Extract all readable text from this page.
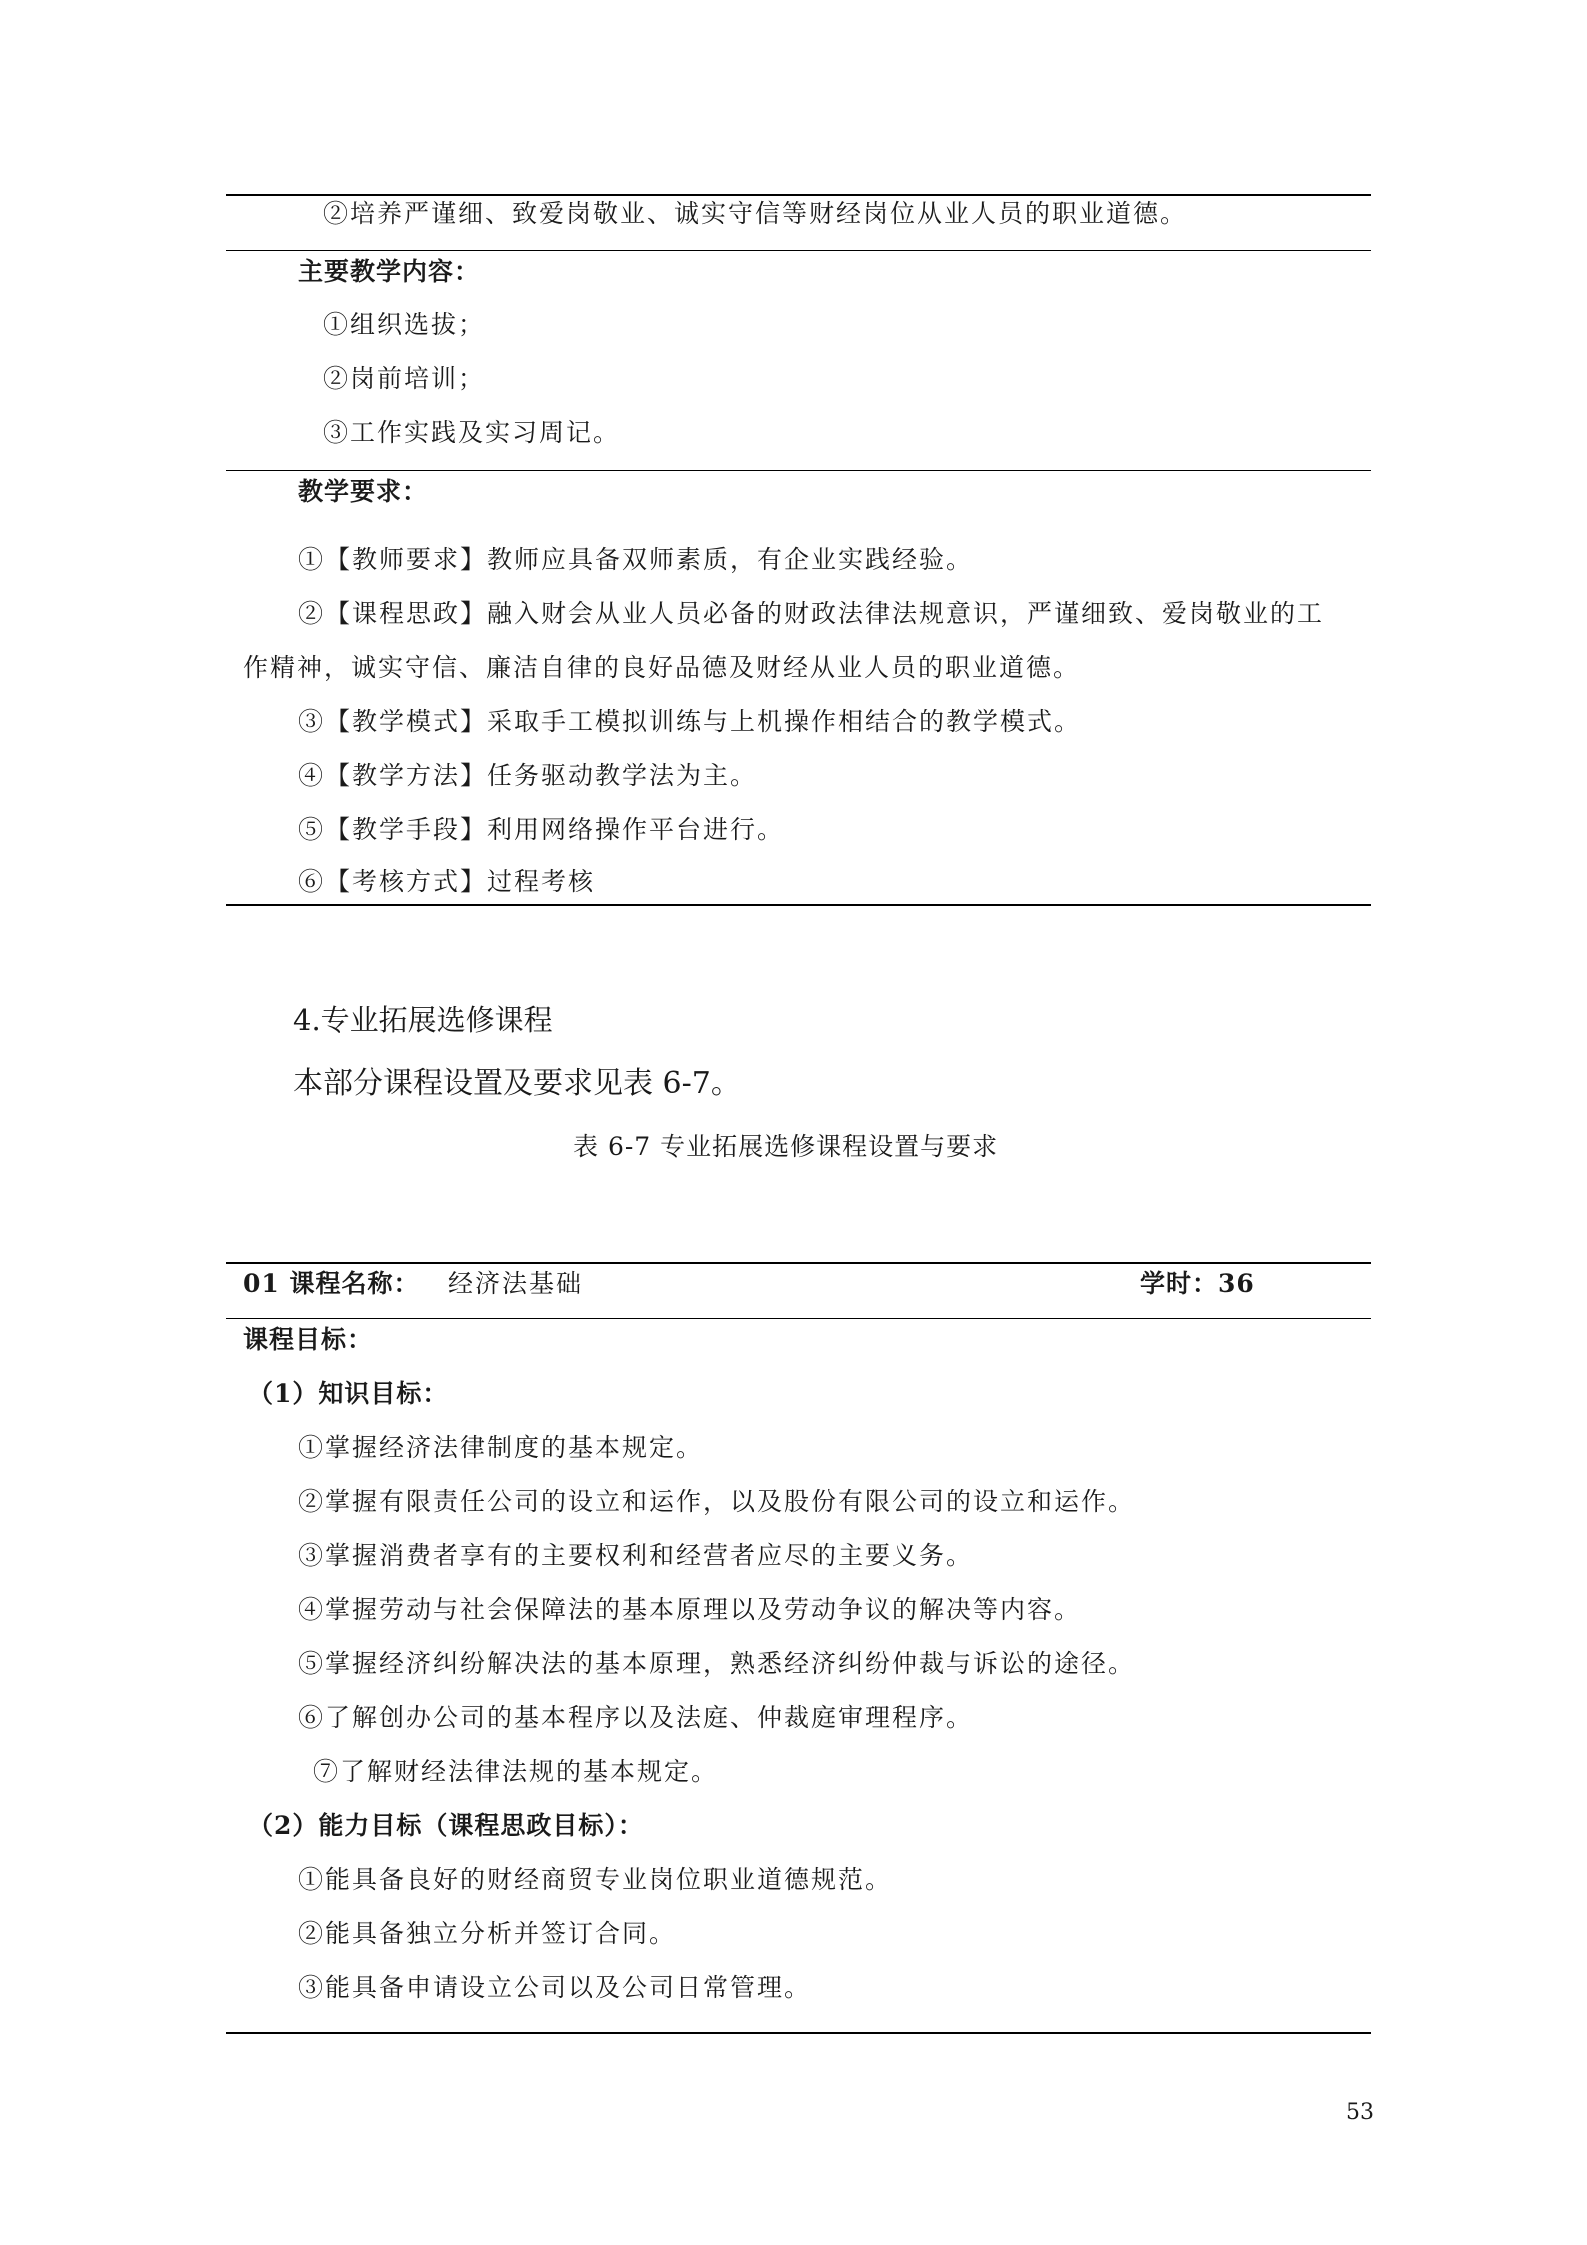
②培养严谨细、致爱岗敬业、诚实守信等财经岗位从业人员的职业道德。
主要教学内容：
①组织选拔；
②岗前培训；
③工作实践及实习周记。
教学要求：
①【教师要求】教师应具备双师素质，有企业实践经验。
②【课程思政】融入财会从业人员必备的财政法律法规意识，严谨细致、爱岗敬业的工
作精神，诚实守信、廉洁自律的良好品德及财经从业人员的职业道德。
③【教学模式】采取手工模拟训练与上机操作相结合的教学模式。
④【教学方法】任务驱动教学法为主。
⑤【教学手段】利用网络操作平台进行。
⑥【考核方式】过程考核
4.专业拓展选修课程
本部分课程设置及要求见表 6-7。
表 6-7 专业拓展选修课程设置与要求
01 课程名称： 经济法基础	学时：36
课程目标：
（1）知识目标：
①掌握经济法律制度的基本规定。
②掌握有限责任公司的设立和运作，以及股份有限公司的设立和运作。
③掌握消费者享有的主要权利和经营者应尽的主要义务。
④掌握劳动与社会保障法的基本原理以及劳动争议的解决等内容。
⑤掌握经济纠纷解决法的基本原理，熟悉经济纠纷仲裁与诉讼的途径。
⑥了解创办公司的基本程序以及法庭、仲裁庭审理程序。
⑦了解财经法律法规的基本规定。
（2）能力目标（课程思政目标）：
①能具备良好的财经商贸专业岗位职业道德规范。
②能具备独立分析并签订合同。
③能具备申请设立公司以及公司日常管理。
53
